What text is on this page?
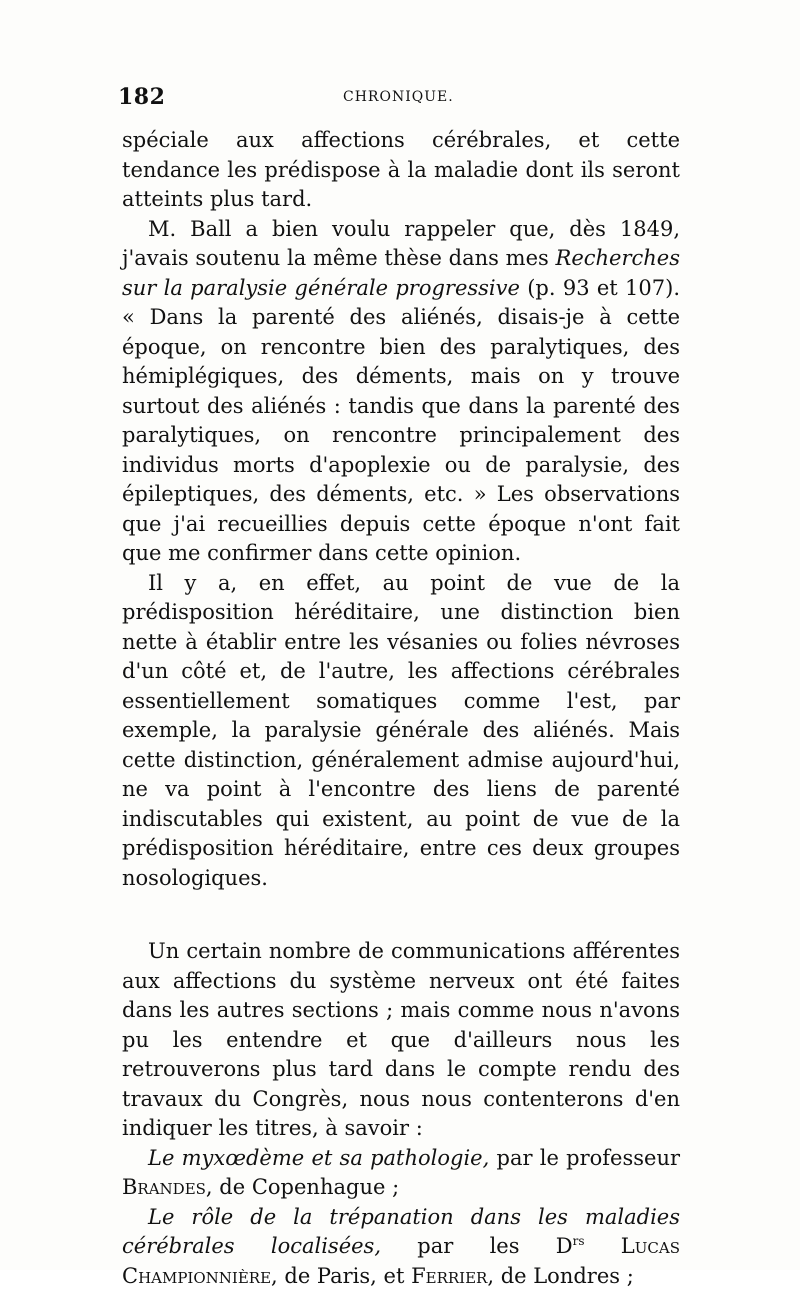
182	CHRONIQUE.

spéciale aux affections cérébrales, et cette tendance les prédispose à la maladie dont ils seront atteints plus tard.

M. Ball a bien voulu rappeler que, dès 1849, j'avais soutenu la même thèse dans mes Recherches sur la paralysie générale progressive (p. 93 et 107). « Dans la parenté des aliénés, disais-je à cette époque, on rencontre bien des paralytiques, des hémiplégiques, des déments, mais on y trouve surtout des aliénés : tandis que dans la parenté des paralytiques, on rencontre principalement des individus morts d'apoplexie ou de paralysie, des épileptiques, des déments, etc. » Les observations que j'ai recueillies depuis cette époque n'ont fait que me confirmer dans cette opinion.

Il y a, en effet, au point de vue de la prédisposition héréditaire, une distinction bien nette à établir entre les vésanies ou folies névroses d'un côté et, de l'autre, les affections cérébrales essentiellement somatiques comme l'est, par exemple, la paralysie générale des aliénés. Mais cette distinction, généralement admise aujourd'hui, ne va point à l'encontre des liens de parenté indiscutables qui existent, au point de vue de la prédisposition héréditaire, entre ces deux groupes nosologiques.

Un certain nombre de communications afférentes aux affections du système nerveux ont été faites dans les autres sections ; mais comme nous n'avons pu les entendre et que d'ailleurs nous les retrouverons plus tard dans le compte rendu des travaux du Congrès, nous nous contenterons d'en indiquer les titres, à savoir :

Le myxœdème et sa pathologie, par le professeur Brandes, de Copenhague ;

Le rôle de la trépanation dans les maladies cérébrales localisées, par les $D^{rs}$ Lucas Championnière, de Paris, et Ferrier, de Londres ;
